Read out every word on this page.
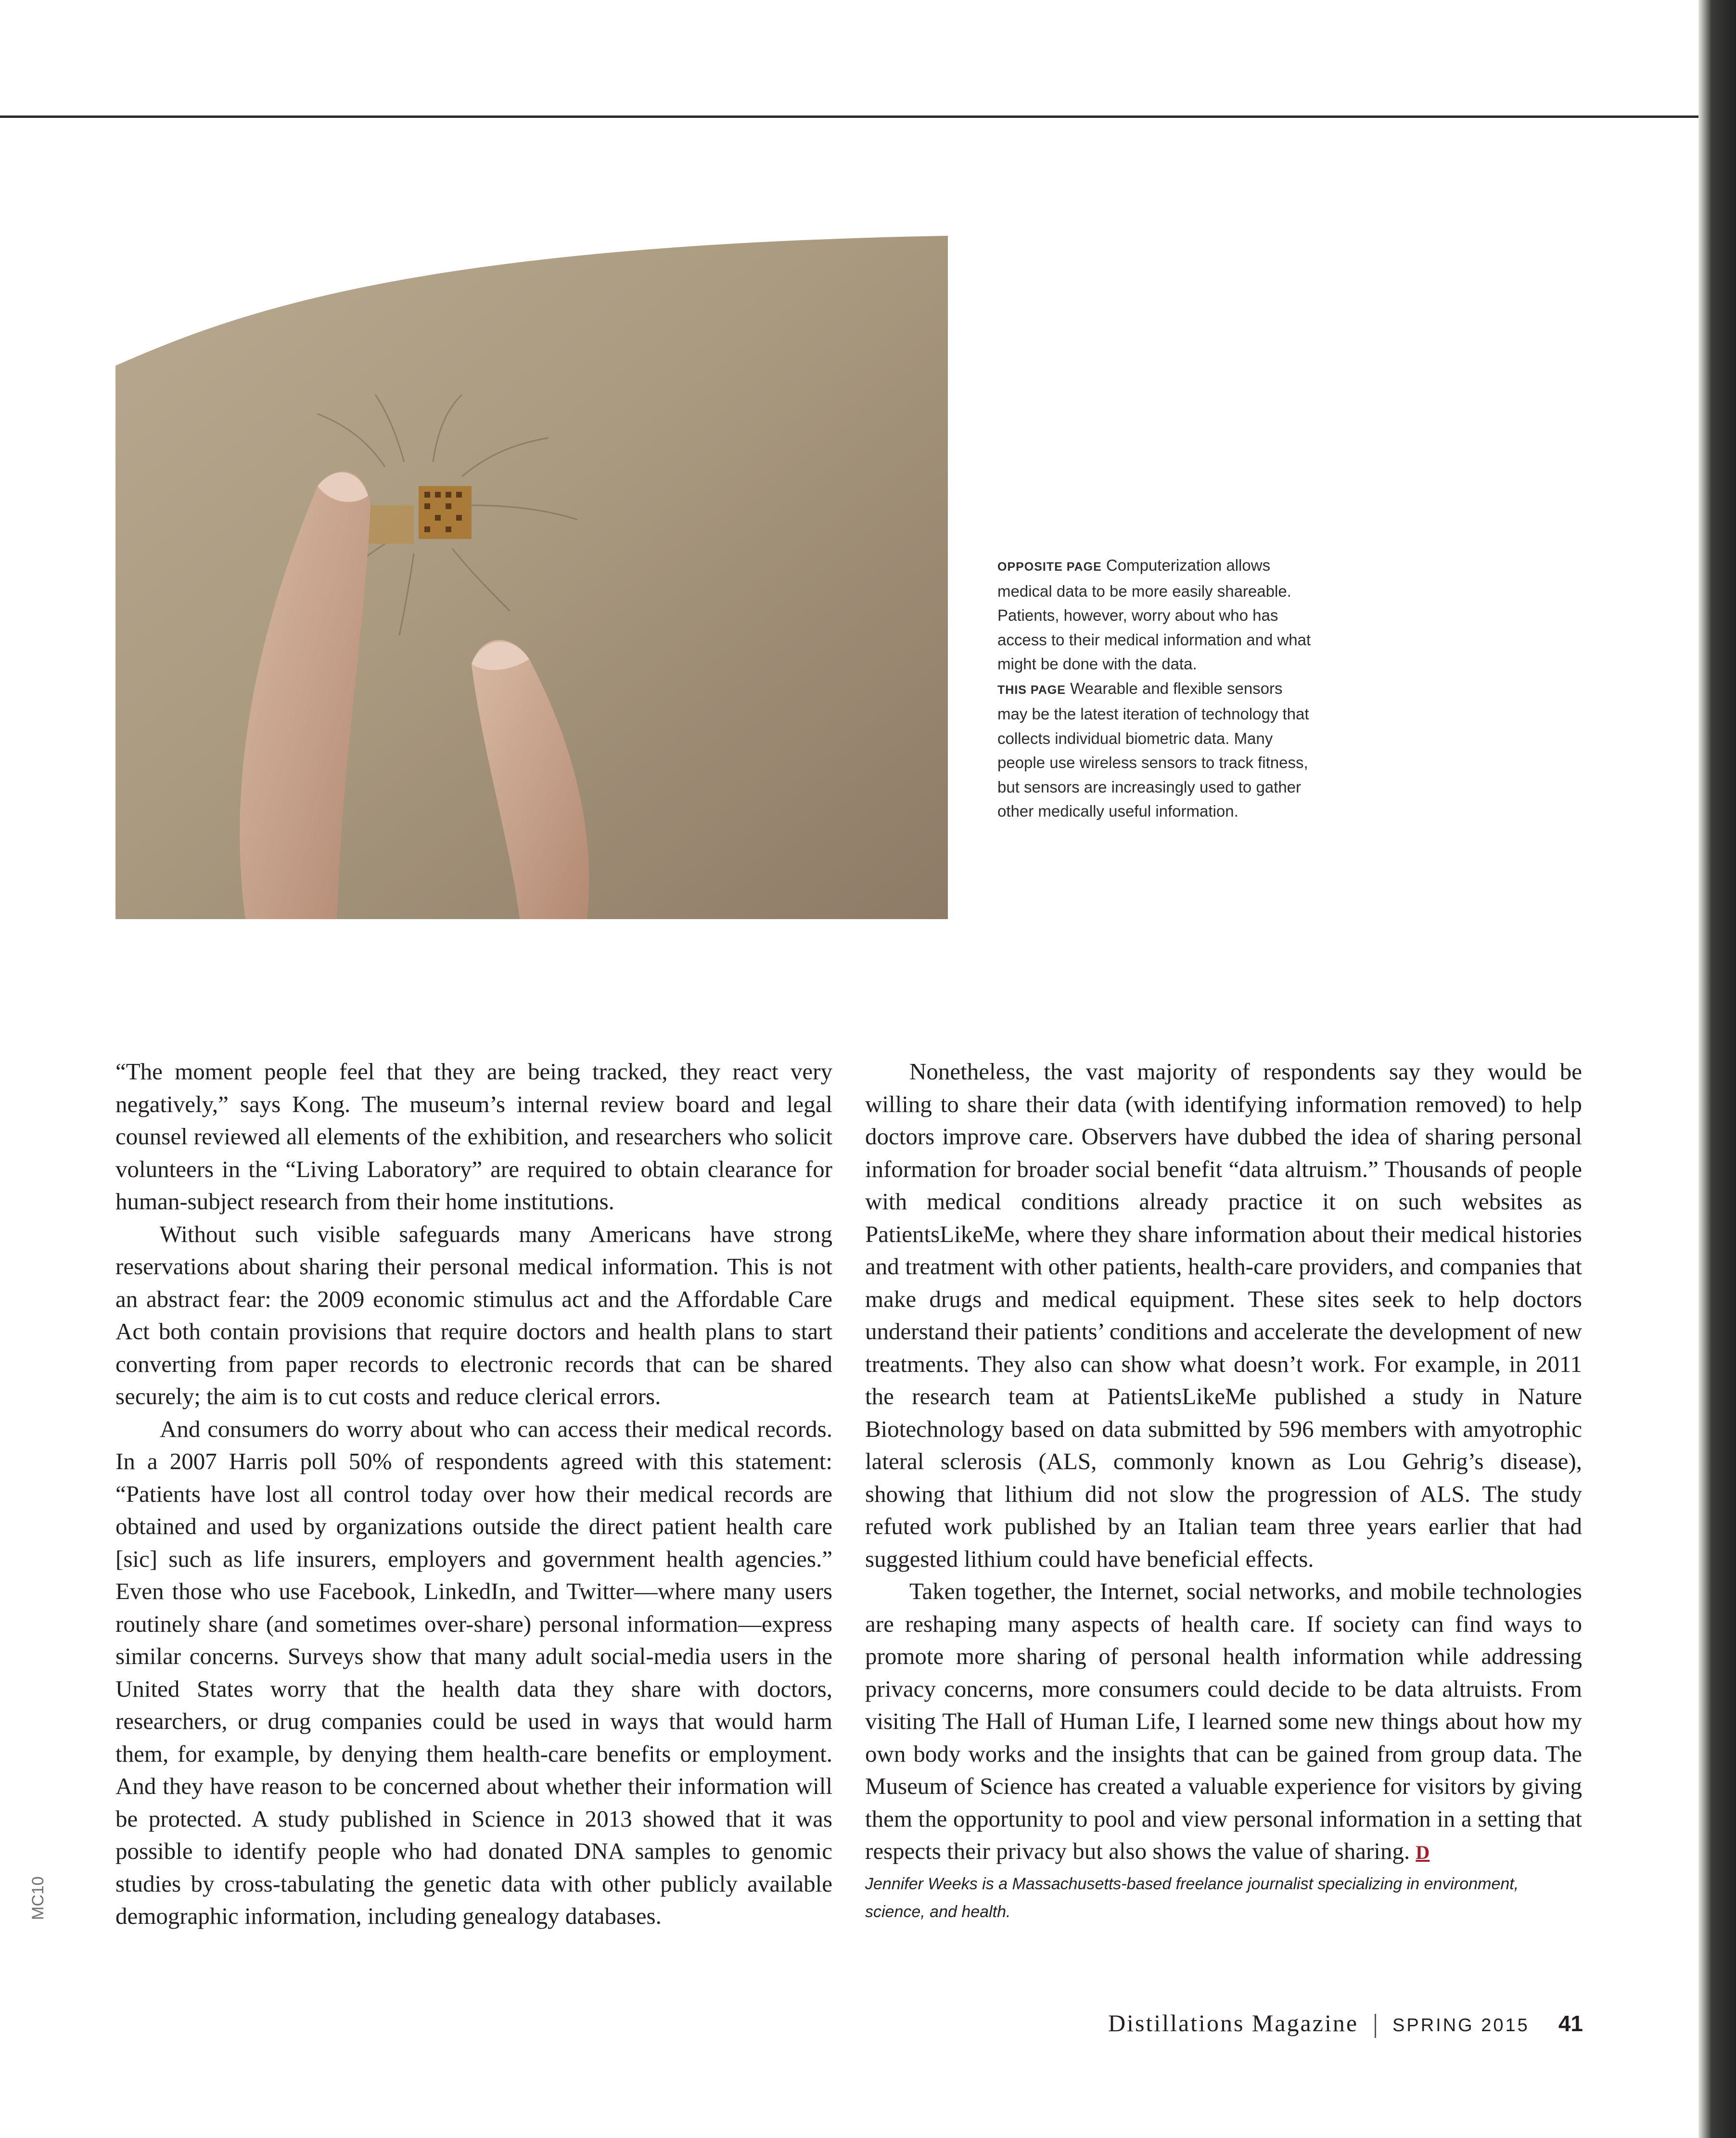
MC10
OPPOSITE PAGE Computerization allows medical data to be more easily shareable. Patients, however, worry about who has access to their medical information and what might be done with the data.
THIS PAGE Wearable and flexible sensors may be the latest iteration of technology that collects individual biometric data. Many people use wireless sensors to track fitness, but sensors are increasingly used to gather other medically useful information.

“The moment people feel that they are being tracked, they react very negatively,” says Kong. The museum’s internal review board and legal counsel reviewed all elements of the exhibition, and researchers who solicit volunteers in the “Living Laboratory” are required to obtain clearance for human-subject research from their home institutions.

Without such visible safeguards many Americans have strong reservations about sharing their personal medical information. This is not an abstract fear: the 2009 economic stimulus act and the Affordable Care Act both contain provisions that require doctors and health plans to start converting from paper records to electronic records that can be shared securely; the aim is to cut costs and reduce clerical errors.

And consumers do worry about who can access their medical records. In a 2007 Harris poll 50% of respondents agreed with this statement: “Patients have lost all control today over how their medical records are obtained and used by organizations outside the direct patient health care [sic] such as life insurers, employers and government health agencies.” Even those who use Facebook, LinkedIn, and Twitter—where many users routinely share (and sometimes over-share) personal information—express similar concerns. Surveys show that many adult social-media users in the United States worry that the health data they share with doctors, researchers, or drug companies could be used in ways that would harm them, for example, by denying them health-care benefits or employment. And they have reason to be concerned about whether their information will be protected. A study published in Science in 2013 showed that it was possible to identify people who had donated DNA samples to genomic studies by cross-tabulating the genetic data with other publicly available demographic information, including genealogy databases.

Nonetheless, the vast majority of respondents say they would be willing to share their data (with identifying information removed) to help doctors improve care. Observers have dubbed the idea of sharing personal information for broader social benefit “data altruism.” Thousands of people with medical conditions already practice it on such websites as PatientsLikeMe, where they share information about their medical histories and treatment with other patients, health-care providers, and companies that make drugs and medical equipment. These sites seek to help doctors understand their patients’ conditions and accelerate the development of new treatments. They also can show what doesn’t work. For example, in 2011 the research team at PatientsLikeMe published a study in Nature Biotechnology based on data submitted by 596 members with amyotrophic lateral sclerosis (ALS, commonly known as Lou Gehrig’s disease), showing that lithium did not slow the progression of ALS. The study refuted work published by an Italian team three years earlier that had suggested lithium could have beneficial effects.

Taken together, the Internet, social networks, and mobile technologies are reshaping many aspects of health care. If society can find ways to promote more sharing of personal health information while addressing privacy concerns, more consumers could decide to be data altruists. From visiting The Hall of Human Life, I learned some new things about how my own body works and the insights that can be gained from group data. The Museum of Science has created a valuable experience for visitors by giving them the opportunity to pool and view personal information in a setting that respects their privacy but also shows the value of sharing. D

Jennifer Weeks is a Massachusetts-based freelance journalist specializing in environment, science, and health.

Distillations Magazine SPRING 2015 41
